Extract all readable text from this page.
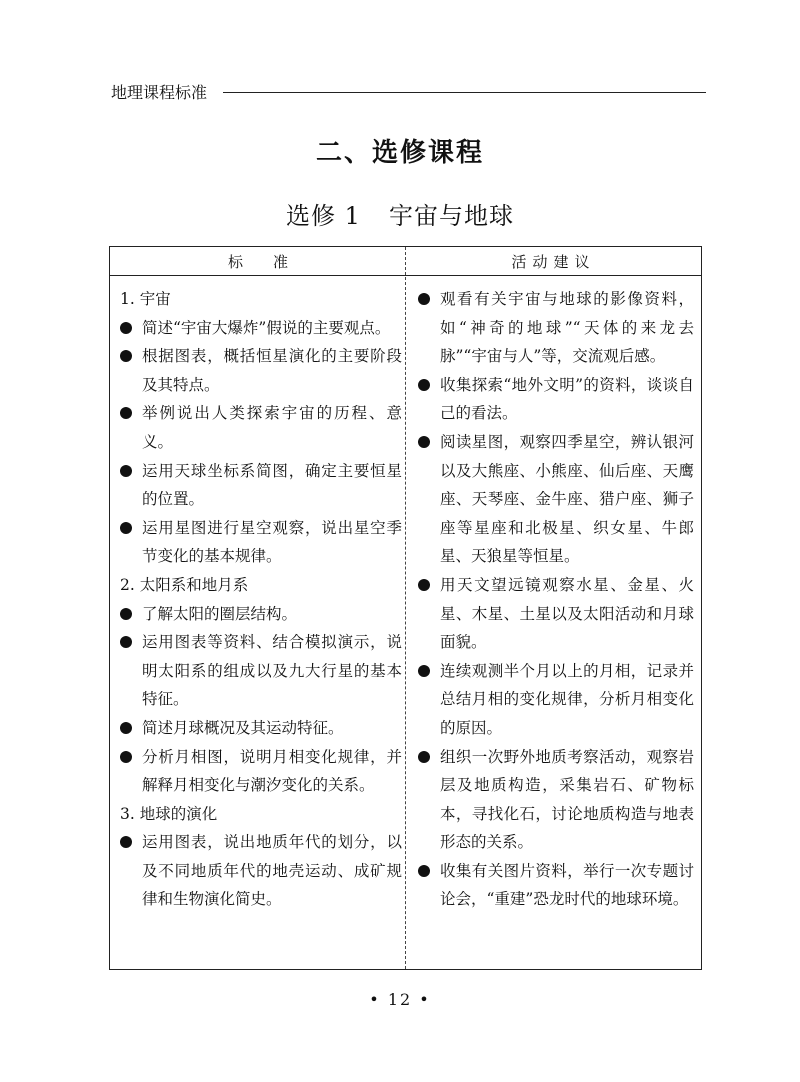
地理课程标准
二、选修课程
选修 1 宇宙与地球
标准	活动建议
1. 宇宙
简述“宇宙大爆炸”假说的主要观点。
根据图表，概括恒星演化的主要阶段及其特点。
举例说出人类探索宇宙的历程、意义。
运用天球坐标系简图，确定主要恒星的位置。
运用星图进行星空观察，说出星空季节变化的基本规律。
2. 太阳系和地月系
了解太阳的圈层结构。
运用图表等资料、结合模拟演示，说明太阳系的组成以及九大行星的基本特征。
简述月球概况及其运动特征。
分析月相图，说明月相变化规律，并解释月相变化与潮汐变化的关系。
3. 地球的演化
运用图表，说出地质年代的划分，以及不同地质年代的地壳运动、成矿规律和生物演化简史。
观看有关宇宙与地球的影像资料，如“神奇的地球”“天体的来龙去脉”“宇宙与人”等，交流观后感。
收集探索“地外文明”的资料，谈谈自己的看法。
阅读星图，观察四季星空，辨认银河以及大熊座、小熊座、仙后座、天鹰座、天琴座、金牛座、猎户座、狮子座等星座和北极星、织女星、牛郎星、天狼星等恒星。
用天文望远镜观察水星、金星、火星、木星、土星以及太阳活动和月球面貌。
连续观测半个月以上的月相，记录并总结月相的变化规律，分析月相变化的原因。
组织一次野外地质考察活动，观察岩层及地质构造，采集岩石、矿物标本，寻找化石，讨论地质构造与地表形态的关系。
收集有关图片资料，举行一次专题讨论会，“重建”恐龙时代的地球环境。
• 12 •
